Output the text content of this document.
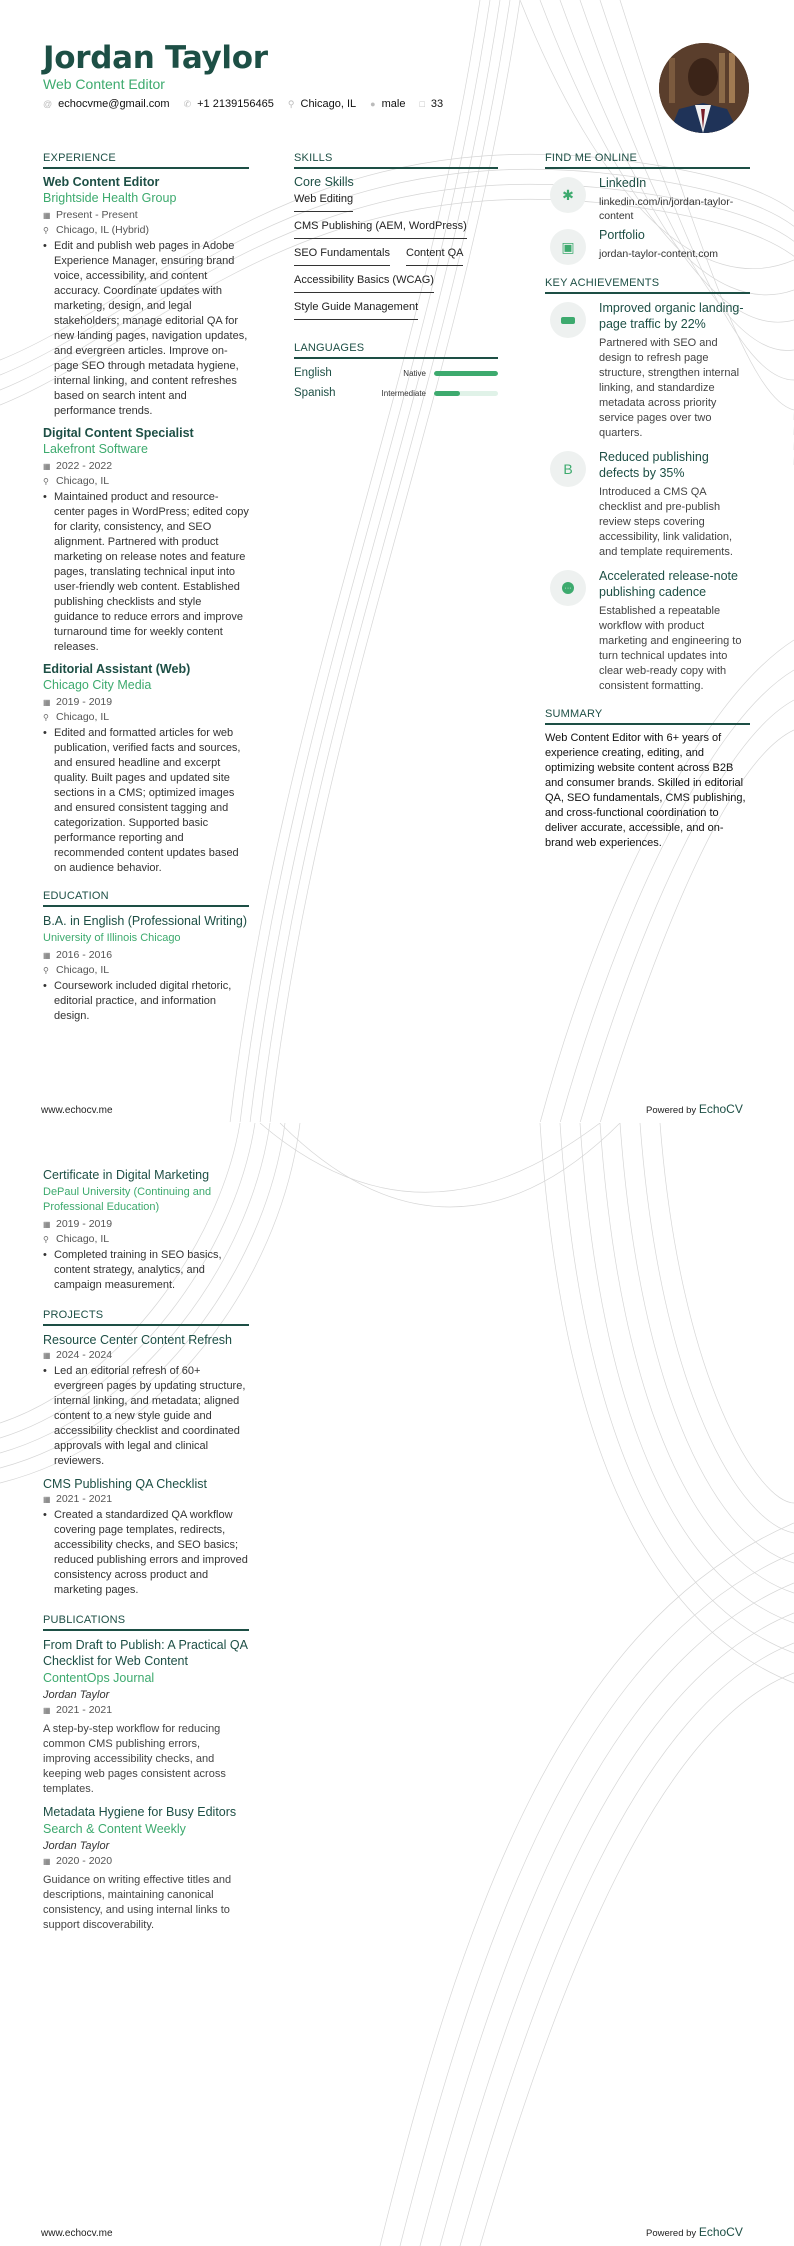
Jordan Taylor
Web Content Editor
@ echocvme@gmail.com ✆ +1 2139156465 ⚲ Chicago, IL ● male □ 33
EXPERIENCE
Web Content Editor
Brightside Health Group
▦ Present - Present
⚲ Chicago, IL (Hybrid)
• Edit and publish web pages in Adobe Experience Manager, ensuring brand voice, accessibility, and content accuracy. Coordinate updates with marketing, design, and legal stakeholders; manage editorial QA for new landing pages, navigation updates, and evergreen articles. Improve on-page SEO through metadata hygiene, internal linking, and content refreshes based on search intent and performance trends.
Digital Content Specialist
Lakefront Software
▦ 2022 - 2022
⚲ Chicago, IL
• Maintained product and resource-center pages in WordPress; edited copy for clarity, consistency, and SEO alignment. Partnered with product marketing on release notes and feature pages, translating technical input into user-friendly web content. Established publishing checklists and style guidance to reduce errors and improve turnaround time for weekly content releases.
Editorial Assistant (Web)
Chicago City Media
▦ 2019 - 2019
⚲ Chicago, IL
• Edited and formatted articles for web publication, verified facts and sources, and ensured headline and excerpt quality. Built pages and updated site sections in a CMS; optimized images and ensured consistent tagging and categorization. Supported basic performance reporting and recommended content updates based on audience behavior.
EDUCATION
B.A. in English (Professional Writing)
University of Illinois Chicago
▦ 2016 - 2016
⚲ Chicago, IL
• Coursework included digital rhetoric, editorial practice, and information design.
SKILLS
Core Skills
Web Editing
CMS Publishing (AEM, WordPress)
SEO Fundamentals Content QA
Accessibility Basics (WCAG)
Style Guide Management
LANGUAGES
English	Native
Spanish	Intermediate
FIND ME ONLINE
✱
LinkedIn
linkedin.com/in/jordan-taylor-content
▣
Portfolio
jordan-taylor-content.com
KEY ACHIEVEMENTS
Improved organic landing-page traffic by 22%
Partnered with SEO and design to refresh page structure, strengthen internal linking, and standardize metadata across priority service pages over two quarters.
B
Reduced publishing defects by 35%
Introduced a CMS QA checklist and pre-publish review steps covering accessibility, link validation, and template requirements.
···
Accelerated release-note publishing cadence
Established a repeatable workflow with product marketing and engineering to turn technical updates into clear web-ready copy with consistent formatting.
SUMMARY
Web Content Editor with 6+ years of experience creating, editing, and optimizing website content across B2B and consumer brands. Skilled in editorial QA, SEO fundamentals, CMS publishing, and cross-functional coordination to deliver accurate, accessible, and on-brand web experiences.
www.echocv.me	Powered by EchoCV
Certificate in Digital Marketing
DePaul University (Continuing and Professional Education)
▦ 2019 - 2019
⚲ Chicago, IL
• Completed training in SEO basics, content strategy, analytics, and campaign measurement.
PROJECTS
Resource Center Content Refresh
▦ 2024 - 2024
• Led an editorial refresh of 60+ evergreen pages by updating structure, internal linking, and metadata; aligned content to a new style guide and accessibility checklist and coordinated approvals with legal and clinical reviewers.
CMS Publishing QA Checklist
▦ 2021 - 2021
• Created a standardized QA workflow covering page templates, redirects, accessibility checks, and SEO basics; reduced publishing errors and improved consistency across product and marketing pages.
PUBLICATIONS
From Draft to Publish: A Practical QA Checklist for Web Content
ContentOps Journal
Jordan Taylor
▦ 2021 - 2021
A step-by-step workflow for reducing common CMS publishing errors, improving accessibility checks, and keeping web pages consistent across templates.
Metadata Hygiene for Busy Editors
Search & Content Weekly
Jordan Taylor
▦ 2020 - 2020
Guidance on writing effective titles and descriptions, maintaining canonical consistency, and using internal links to support discoverability.
www.echocv.me	Powered by EchoCV
